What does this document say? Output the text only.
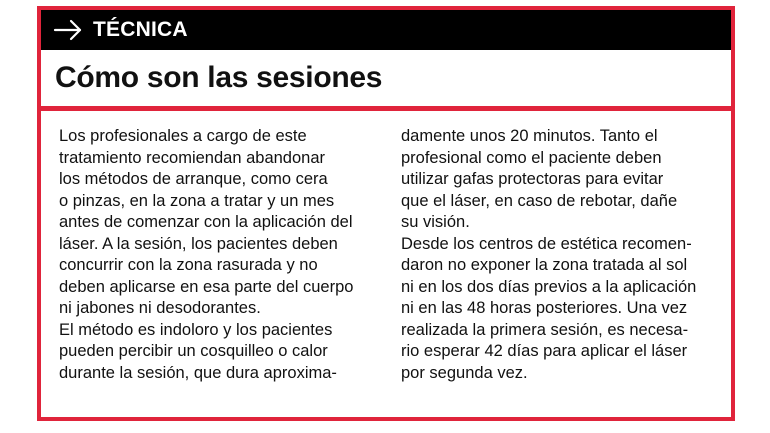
TÉCNICA
Cómo son las sesiones
Los profesionales a cargo de este
tratamiento recomiendan abandonar
los métodos de arranque, como cera
o pinzas, en la zona a tratar y un mes
antes de comenzar con la aplicación del
láser. A la sesión, los pacientes deben
concurrir con la zona rasurada y no
deben aplicarse en esa parte del cuerpo
ni jabones ni desodorantes.
El método es indoloro y los pacientes
pueden percibir un cosquilleo o calor
durante la sesión, que dura aproxima-
damente unos 20 minutos. Tanto el
profesional como el paciente deben
utilizar gafas protectoras para evitar
que el láser, en caso de rebotar, dañe
su visión.
Desde los centros de estética recomen-
daron no exponer la zona tratada al sol
ni en los dos días previos a la aplicación
ni en las 48 horas posteriores. Una vez
realizada la primera sesión, es necesa-
rio esperar 42 días para aplicar el láser
por segunda vez.
